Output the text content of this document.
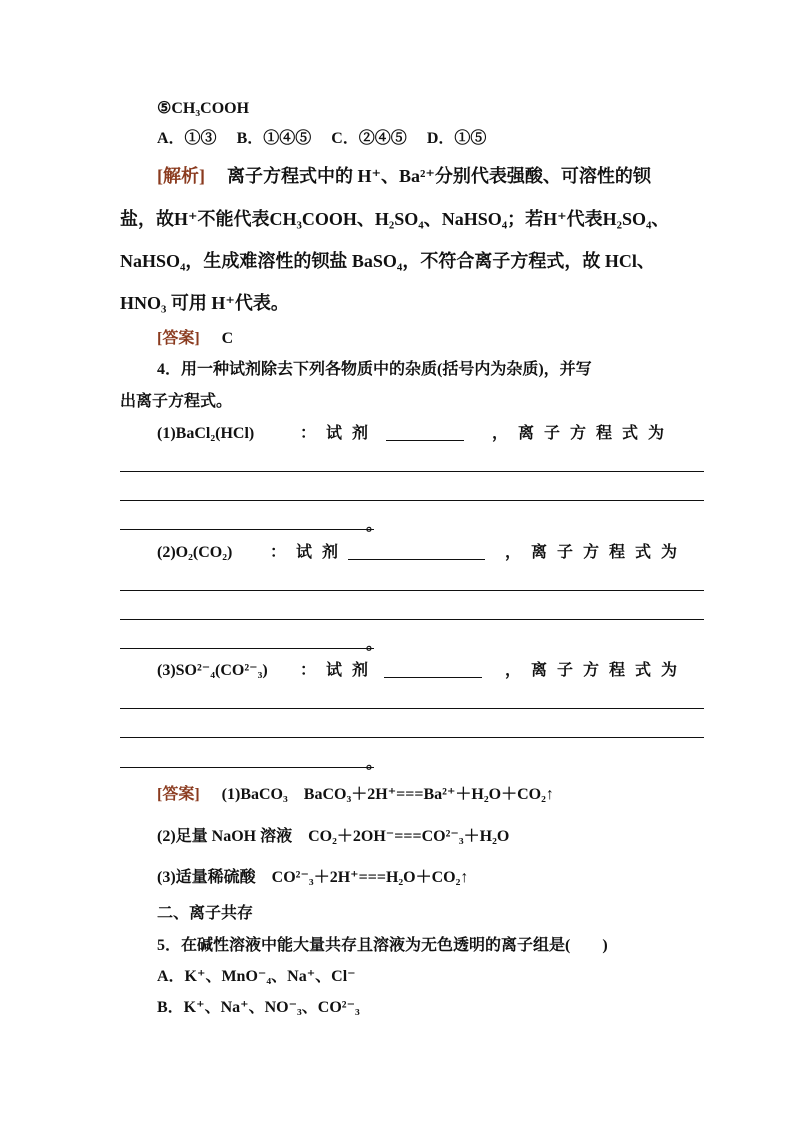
⑤CH₃COOH
A．①③ B．①④⑤ C．②④⑤ D．①⑤
[解析] 离子方程式中的 H⁺、Ba²⁺分别代表强酸、可溶性的钡
盐，故H⁺不能代表CH₃COOH、H₂SO₄、NaHSO₄；若H⁺代表H₂SO₄、
NaHSO₄，生成难溶性的钡盐 BaSO₄，不符合离子方程式，故 HCl、
HNO₃ 可用 H⁺代表。
[答案] C
4．用一种试剂除去下列各物质中的杂质(括号内为杂质)，并写
出离子方程式。
(1)BaCl₂(HCl)	：试剂	，离子方程式为
。
(2)O₂(CO₂) ：试剂	，离子方程式为
。
(3)SO²⁻₄(CO²⁻₃) ：试剂	，离子方程式为
。
[答案] (1)BaCO₃　BaCO₃＋2H⁺===Ba²⁺＋H₂O＋CO₂↑
(2)足量 NaOH 溶液　CO₂＋2OH⁻===CO²⁻₃＋H₂O
(3)适量稀硫酸　CO²⁻₃＋2H⁺===H₂O＋CO₂↑
二、离子共存
5．在碱性溶液中能大量共存且溶液为无色透明的离子组是(　　)
A．K⁺、MnO⁻₄、Na⁺、Cl⁻
B．K⁺、Na⁺、NO⁻₃、CO²⁻₃
